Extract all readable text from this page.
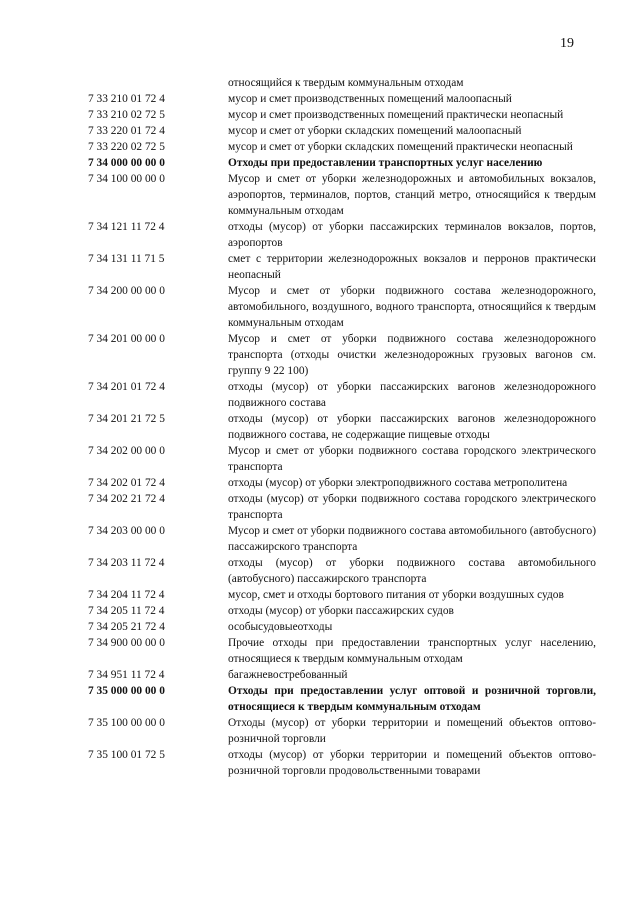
19
относящийся к твердым коммунальным отходам
7 33 210 01 72 4	мусор и смет производственных помещений малоопасный
7 33 210 02 72 5	мусор и смет производственных помещений практически неопасный
7 33 220 01 72 4	мусор и смет от уборки складских помещений малоопасный
7 33 220 02 72 5	мусор и смет от уборки складских помещений практически неопасный
7 34 000 00 00 0	Отходы при предоставлении транспортных услуг населению
7 34 100 00 00 0	Мусор и смет от уборки железнодорожных и автомобильных вокзалов, аэропортов, терминалов, портов, станций метро, относящийся к твердым коммунальным отходам
7 34 121 11 72 4	отходы (мусор) от уборки пассажирских терминалов вокзалов, портов, аэропортов
7 34 131 11 71 5	смет с территории железнодорожных вокзалов и перронов практически неопасный
7 34 200 00 00 0	Мусор и смет от уборки подвижного состава железнодорожного, автомобильного, воздушного, водного транспорта, относящийся к твердым коммунальным отходам
7 34 201 00 00 0	Мусор и смет от уборки подвижного состава железнодорожного транспорта (отходы очистки железнодорожных грузовых вагонов см. группу 9 22 100)
7 34 201 01 72 4	отходы (мусор) от уборки пассажирских вагонов железнодорожного подвижного состава
7 34 201 21 72 5	отходы (мусор) от уборки пассажирских вагонов железнодорожного подвижного состава, не содержащие пищевые отходы
7 34 202 00 00 0	Мусор и смет от уборки подвижного состава городского электрического транспорта
7 34 202 01 72 4	отходы (мусор) от уборки электроподвижного состава метрополитена
7 34 202 21 72 4	отходы (мусор) от уборки подвижного состава городского электрического транспорта
7 34 203 00 00 0	Мусор и смет от уборки подвижного состава автомобильного (автобусного) пассажирского транспорта
7 34 203 11 72 4	отходы (мусор) от уборки подвижного состава автомобильного (автобусного) пассажирского транспорта
7 34 204 11 72 4	мусор, смет и отходы бортового питания от уборки воздушных судов
7 34 205 11 72 4	отходы (мусор) от уборки пассажирских судов
7 34 205 21 72 4	особысудовыеотходы
7 34 900 00 00 0	Прочие отходы при предоставлении транспортных услуг населению, относящиеся к твердым коммунальным отходам
7 34 951 11 72 4	багажневостребованный
7 35 000 00 00 0	Отходы при предоставлении услуг оптовой и розничной торговли, относящиеся к твердым коммунальным отходам
7 35 100 00 00 0	Отходы (мусор) от уборки территории и помещений объектов оптово-розничной торговли
7 35 100 01 72 5	отходы (мусор) от уборки территории и помещений объектов оптово-розничной торговли продовольственными товарами
